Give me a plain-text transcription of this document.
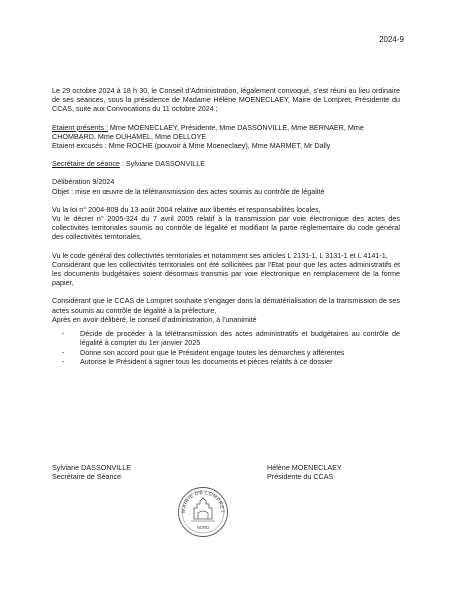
2024-9

Le 29 octobre 2024 à 18 h 30, le Conseil d’Administration, légalement convoqué, s’est réuni au lieu ordinaire de ses séances, sous la présidence de Madame Hélène MOENECLAEY, Maire de Lompret, Présidente du CCAS, suite aux Convocations du 11 octobre 2024 ;

Etaient présents : Mme MOENECLAEY, Présidente, Mme DASSONVILLE, Mme BERNAER, Mme CHOMBARD, Mme DUHAMEL, Mme DELLOYE

Etaient excusés : Mme ROCHE (pouvoir à Mme Moeneclaey), Mme MARMET, Mr Dally

Secrétaire de séance : Sylviane DASSONVILLE

Délibération 9/2024

Objet : mise en œuvre de la télétransmission des actes soumis au contrôle de légalité

Vu la loi n° 2004-809 du 13 août 2004 relative aux libertés et responsabilités locales,

Vu le décret n° 2005-324 du 7 avril 2005 relatif à la transmission par voie électronique des actes des collectivités territoriales soumis au contrôle de légalité et modifiant la partie réglementaire du code général des collectivités territoriales,

Vu le code général des collectivités territoriales et notamment ses articles L 2131-1, L 3131-1 et L 4141-1,

Considérant que les collectivités territoriales ont été sollicitées par l’Etat pour que les actes administratifs et les documents budgétaires soient désormais transmis par voie électronique en remplacement de la forme papier,

Considérant que le CCAS de Lompret souhaite s’engager dans la dématérialisation de la transmission de ses actes soumis au contrôle de légalité à la préfecture,

Après en avoir délibéré, le conseil d’administration, à l’unanimité

- Décide de procéder à la télétransmission des actes administratifs et budgétaires au contrôle de légalité à compter du 1er janvier 2025
- Donne son accord pour que le Président engage toutes les démarches y afférentes
- Autorise le Président à signer tous les documents et pièces relatifs à ce dossier
Sylviane DASSONVILLE
Secrétaire de Séance
Hélène MOENECLAEY
Présidente du CCAS
MAIRIE DE LOMPRET
NORD
